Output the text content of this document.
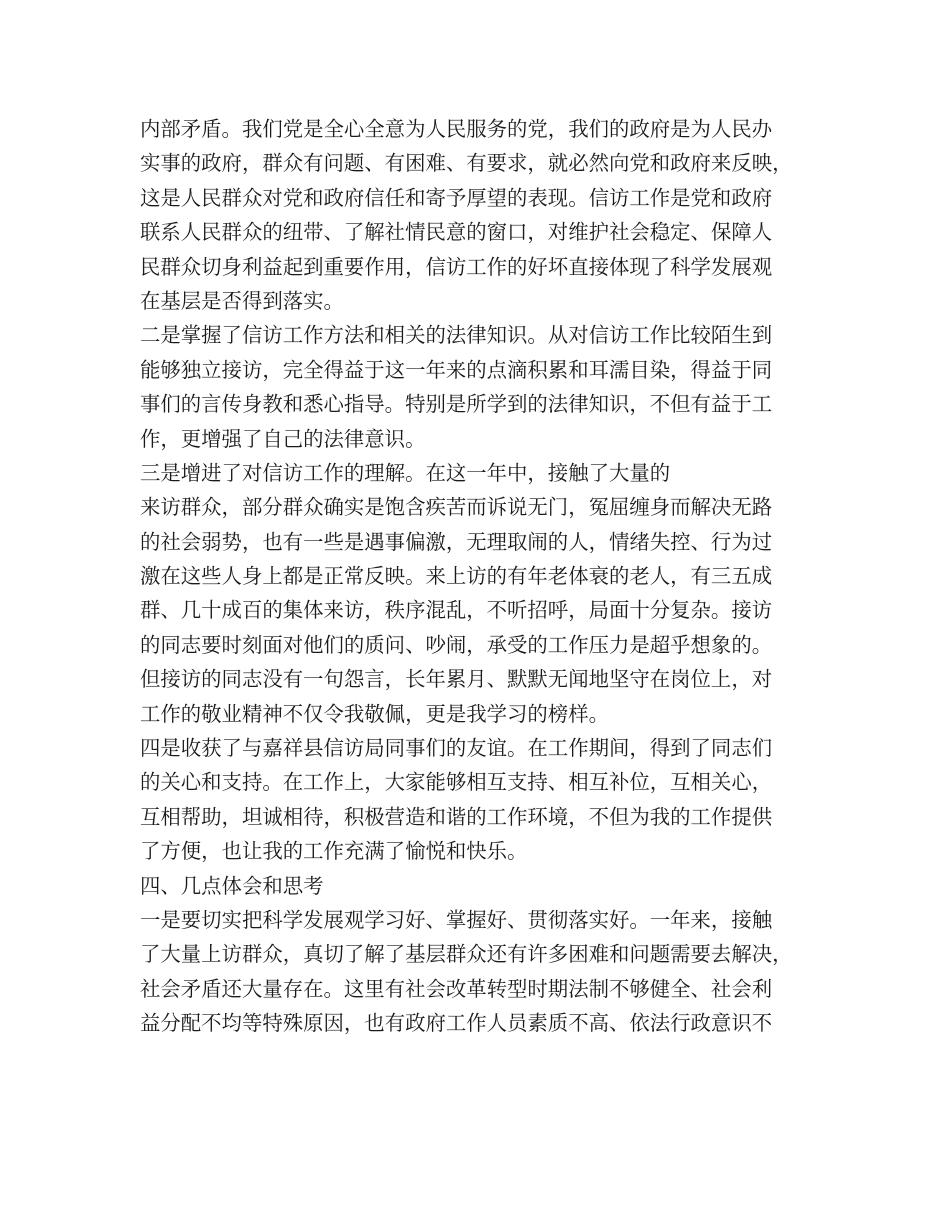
内部矛盾。我们党是全心全意为人民服务的党，我们的政府是为人民办
实事的政府，群众有问题、有困难、有要求，就必然向党和政府来反映，
这是人民群众对党和政府信任和寄予厚望的表现。信访工作是党和政府
联系人民群众的纽带、了解社情民意的窗口，对维护社会稳定、保障人
民群众切身利益起到重要作用，信访工作的好坏直接体现了科学发展观
在基层是否得到落实。
二是掌握了信访工作方法和相关的法律知识。从对信访工作比较陌生到
能够独立接访，完全得益于这一年来的点滴积累和耳濡目染，得益于同
事们的言传身教和悉心指导。特别是所学到的法律知识，不但有益于工
作，更增强了自己的法律意识。
三是增进了对信访工作的理解。在这一年中，接触了大量的
来访群众，部分群众确实是饱含疾苦而诉说无门，冤屈缠身而解决无路
的社会弱势，也有一些是遇事偏激，无理取闹的人，情绪失控、行为过
激在这些人身上都是正常反映。来上访的有年老体衰的老人，有三五成
群、几十成百的集体来访，秩序混乱，不听招呼，局面十分复杂。接访
的同志要时刻面对他们的质问、吵闹，承受的工作压力是超乎想象的。
但接访的同志没有一句怨言，长年累月、默默无闻地坚守在岗位上，对
工作的敬业精神不仅令我敬佩，更是我学习的榜样。
四是收获了与嘉祥县信访局同事们的友谊。在工作期间，得到了同志们
的关心和支持。在工作上，大家能够相互支持、相互补位，互相关心，
互相帮助，坦诚相待，积极营造和谐的工作环境，不但为我的工作提供
了方便，也让我的工作充满了愉悦和快乐。
四、几点体会和思考
一是要切实把科学发展观学习好、掌握好、贯彻落实好。一年来，接触
了大量上访群众，真切了解了基层群众还有许多困难和问题需要去解决，
社会矛盾还大量存在。这里有社会改革转型时期法制不够健全、社会利
益分配不均等特殊原因，也有政府工作人员素质不高、依法行政意识不
